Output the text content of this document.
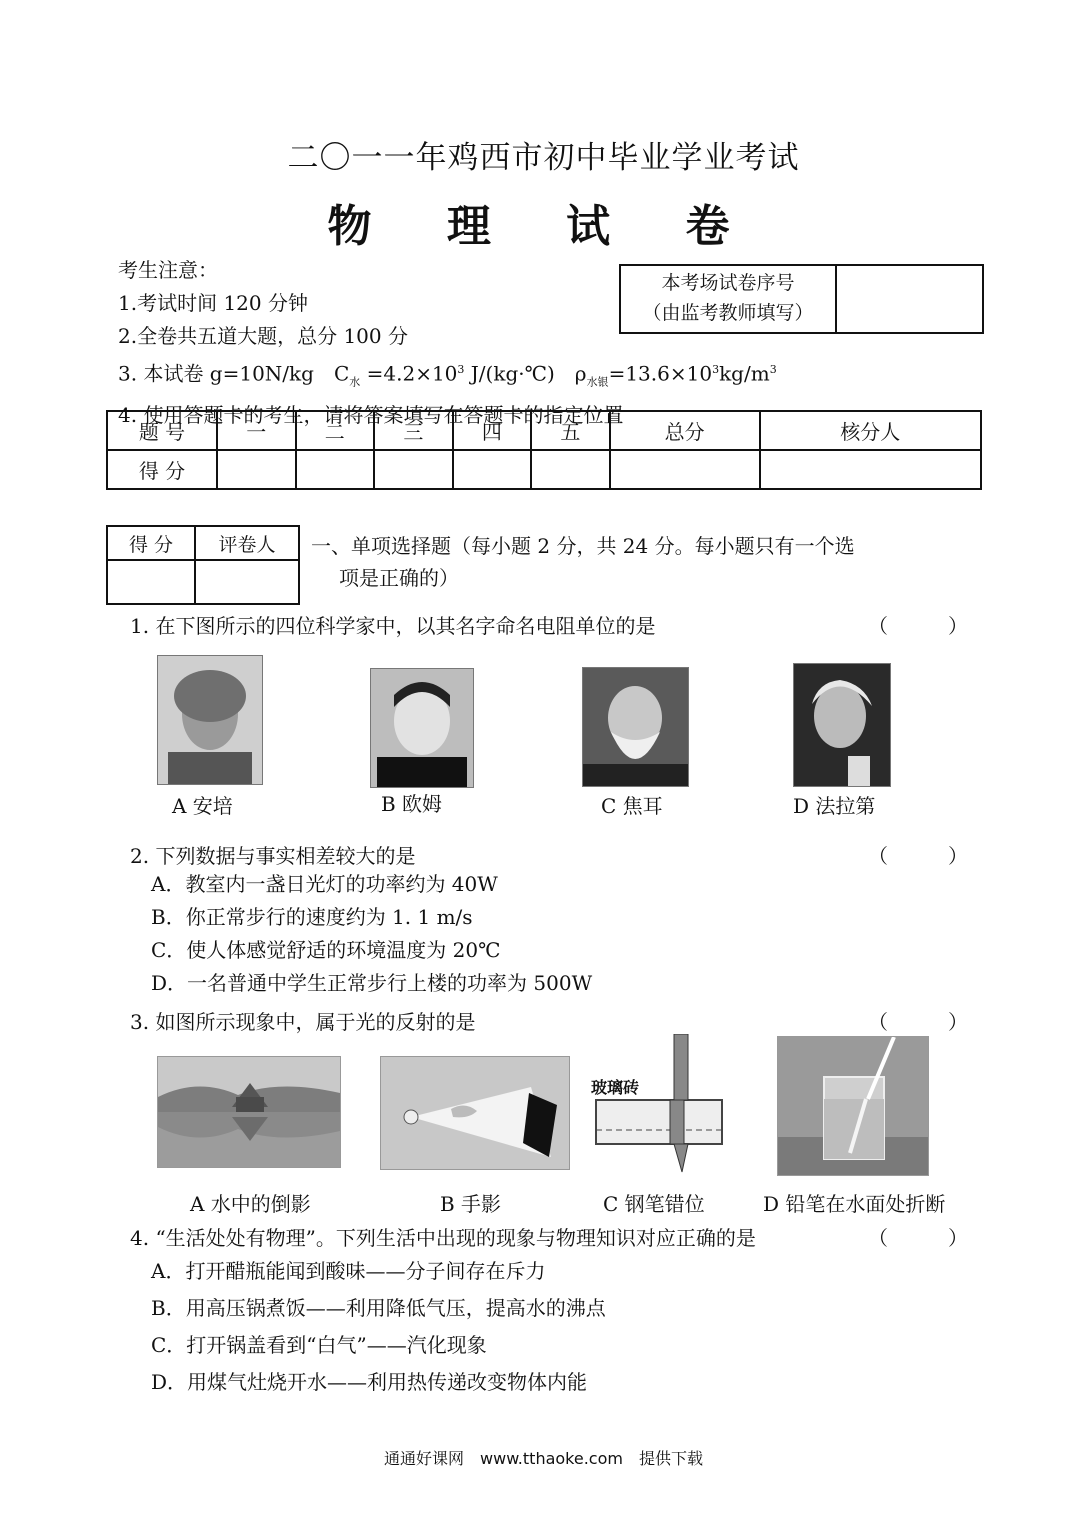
二〇一一年鸡西市初中毕业学业考试
物 理 试 卷
考生注意：
1.考试时间 120 分钟
2.全卷共五道大题，总分 100 分
3. 本试卷 g=10N/kg　$C_水 =4.2\times 10^3$ J/(kg·℃)　$\rho_{水银}=13.6\times 10^3kg/m^3$
4. 使用答题卡的考生，请将答案填写在答题卡的指定位置
本考场试卷序号
（由监考教师填写）
题 号	一	二	三	四	五	总分	核分人
得 分							
得 分	评卷人
	一、单项选择题（每小题 2 分，共 24 分。每小题只有一个选
项是正确的）
1. 在下图所示的四位科学家中，以其名字命名电阻单位的是	（　　　）
A 安培	B 欧姆	C 焦耳	D 法拉第
2. 下列数据与事实相差较大的是	（　　　）
A．教室内一盏日光灯的功率约为 40W
B．你正常步行的速度约为 1. 1 m/s
C．使人体感觉舒适的环境温度为 20℃
D．一名普通中学生正常步行上楼的功率为 500W
3. 如图所示现象中，属于光的反射的是	（　　　）
玻璃砖
A 水中的倒影	B 手影	C 钢笔错位	D 铅笔在水面处折断
4. “生活处处有物理”。下列生活中出现的现象与物理知识对应正确的是	（　　　）
A．打开醋瓶能闻到酸味——分子间存在斥力
B．用高压锅煮饭——利用降低气压，提高水的沸点
C．打开锅盖看到“白气”——汽化现象
D．用煤气灶烧开水——利用热传递改变物体内能
通通好课网　www.tthaoke.com　提供下载
